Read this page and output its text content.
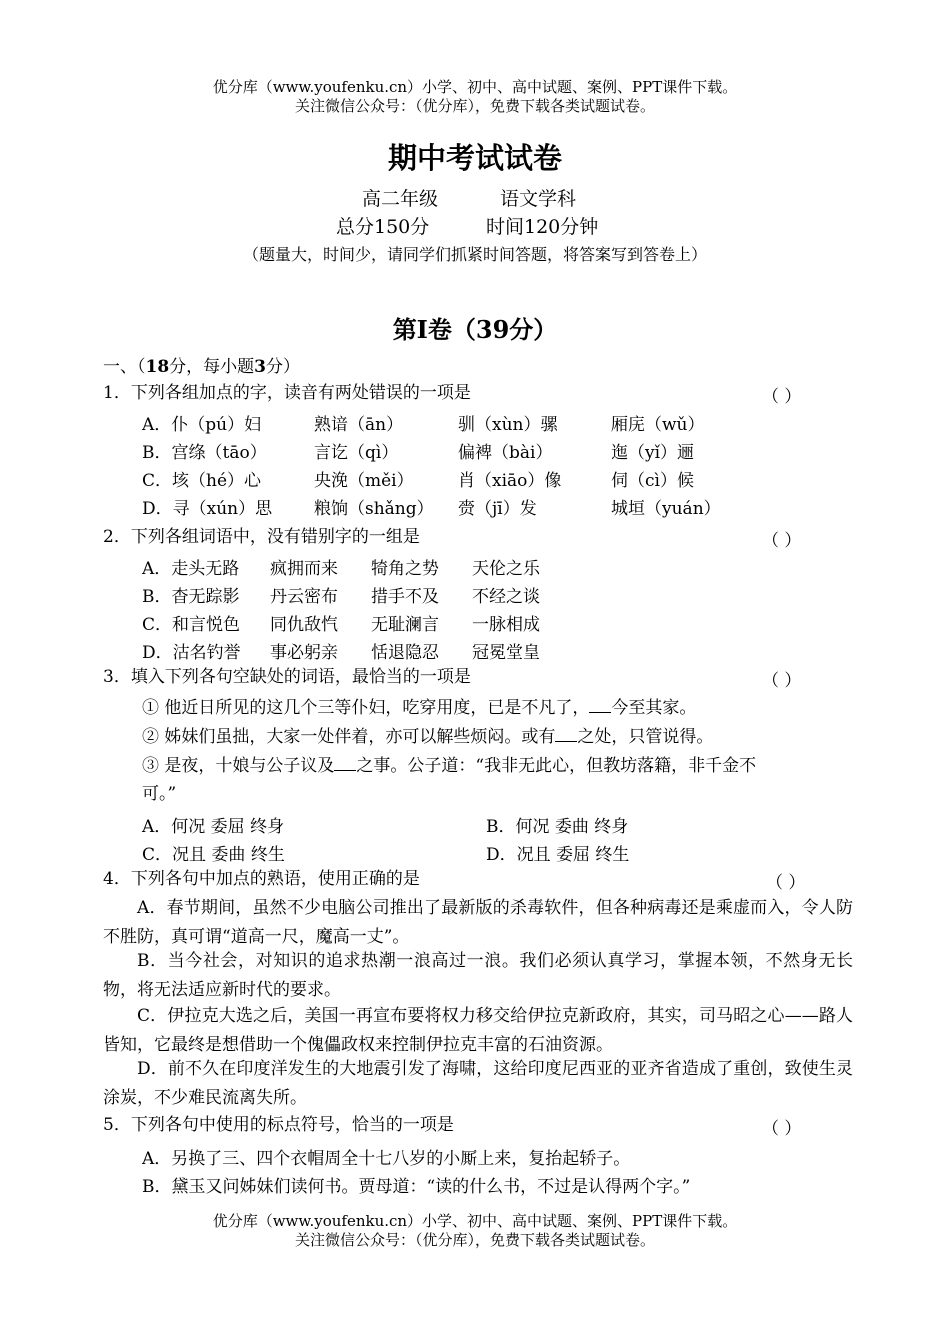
优分库（www.youfenku.cn）小学、初中、高中试题、案例、PPT课件下载。
关注微信公众号：（优分库），免费下载各类试题试卷。
期中考试试卷
高二年级	语文学科
总分150分	时间120分钟
（题量大，时间少，请同学们抓紧时间答题，将答案写到答卷上）
第Ⅰ卷（39分）
一、（18分，每小题3分）
1．下列各组加点的字，读音有两处错误的一项是	（ ）
A．仆（pú）妇	熟谙（ān）	驯（xùn）骡	厢庑（wǔ）
B．宫绦（tāo）	言讫（qì）	偏裨（bài）	迤（yǐ）逦
C．垓（hé）心	央浼（měi）	肖（xiāo）像	伺（cì）候
D．寻（xún）思 粮饷（shǎng） 赍（jī）发	城垣（yuán）
2．下列各组词语中，没有错别字的一组是	（ ）
A．走头无路 疯拥而来 犄角之势 天伦之乐
B．杳无踪影 丹云密布 措手不及 不经之谈
C．和言悦色 同仇敌忾 无耻澜言 一脉相成
D．沽名钓誉 事必躬亲 恬退隐忍 冠冕堂皇
3．填入下列各句空缺处的词语，最恰当的一项是	（ ）
① 他近日所见的这几个三等仆妇，吃穿用度，已是不凡了， 今至其家。
② 姊妹们虽拙，大家一处伴着，亦可以解些烦闷。或有 之处，只管说得。
③ 是夜，十娘与公子议及 之事。公子道：“我非无此心，但教坊落籍，非千金不
可。”
A．何况 委屈 终身	B．何况 委曲 终身
C．况且 委曲 终生	D．况且 委屈 终生
4．下列各句中加点的熟语，使用正确的是	（ ）
A．春节期间，虽然不少电脑公司推出了最新版的杀毒软件，但各种病毒还是乘虚而入，令人防不胜防，真可谓“道高一尺，魔高一丈”。
B．当今社会，对知识的追求热潮一浪高过一浪。我们必须认真学习，掌握本领，不然身无长物，将无法适应新时代的要求。
C．伊拉克大选之后，美国一再宣布要将权力移交给伊拉克新政府，其实，司马昭之心——路人皆知，它最终是想借助一个傀儡政权来控制伊拉克丰富的石油资源。
D．前不久在印度洋发生的大地震引发了海啸，这给印度尼西亚的亚齐省造成了重创，致使生灵涂炭，不少难民流离失所。
5．下列各句中使用的标点符号，恰当的一项是	（ ）
A．另换了三、四个衣帽周全十七八岁的小厮上来，复抬起轿子。
B．黛玉又问姊妹们读何书。贾母道：“读的什么书，不过是认得两个字。”
优分库（www.youfenku.cn）小学、初中、高中试题、案例、PPT课件下载。
关注微信公众号：（优分库），免费下载各类试题试卷。
